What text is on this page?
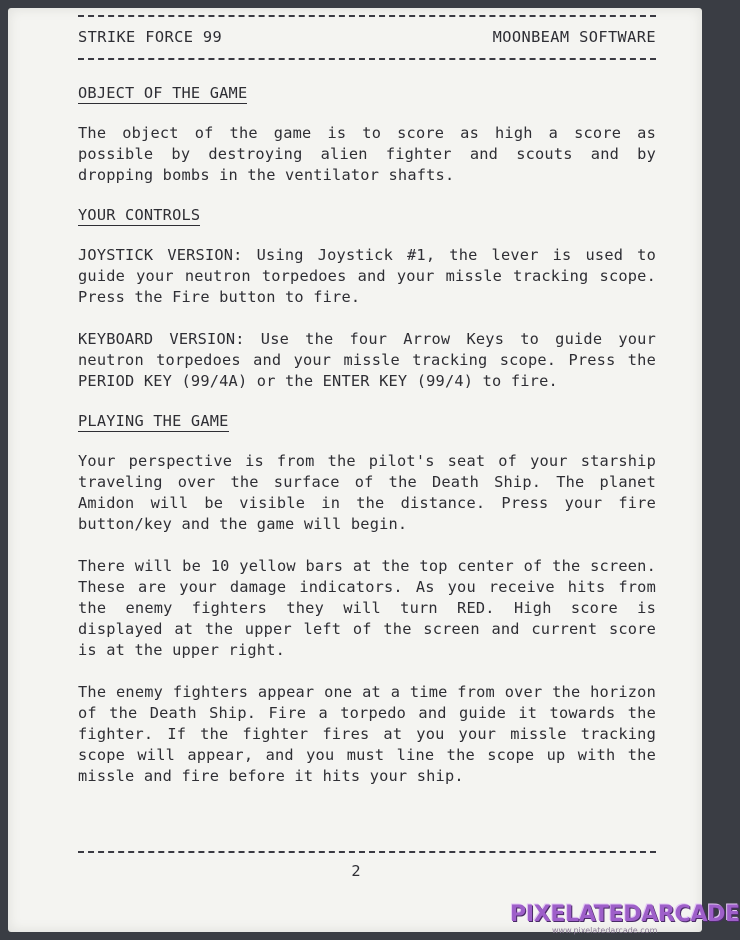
STRIKE FORCE 99	MOONBEAM SOFTWARE
OBJECT OF THE GAME

The object of the game is to score as high a score as possible by destroying alien fighter and scouts and by dropping bombs in the ventilator shafts.

YOUR CONTROLS

JOYSTICK VERSION: Using Joystick #1, the lever is used to guide your neutron torpedoes and your missle tracking scope. Press the Fire button to fire.

KEYBOARD VERSION: Use the four Arrow Keys to guide your neutron torpedoes and your missle tracking scope. Press the PERIOD KEY (99/4A) or the ENTER KEY (99/4) to fire.

PLAYING THE GAME

Your perspective is from the pilot's seat of your starship traveling over the surface of the Death Ship. The planet Amidon will be visible in the distance. Press your fire button/key and the game will begin.

There will be 10 yellow bars at the top center of the screen. These are your damage indicators. As you receive hits from the enemy fighters they will turn RED. High score is displayed at the upper left of the screen and current score is at the upper right.

The enemy fighters appear one at a time from over the horizon of the Death Ship. Fire a torpedo and guide it towards the fighter. If the fighter fires at you your missle tracking scope will appear, and you must line the scope up with the missle and fire before it hits your ship.

2
PIXELATEDARCADE
www.pixelatedarcade.com
